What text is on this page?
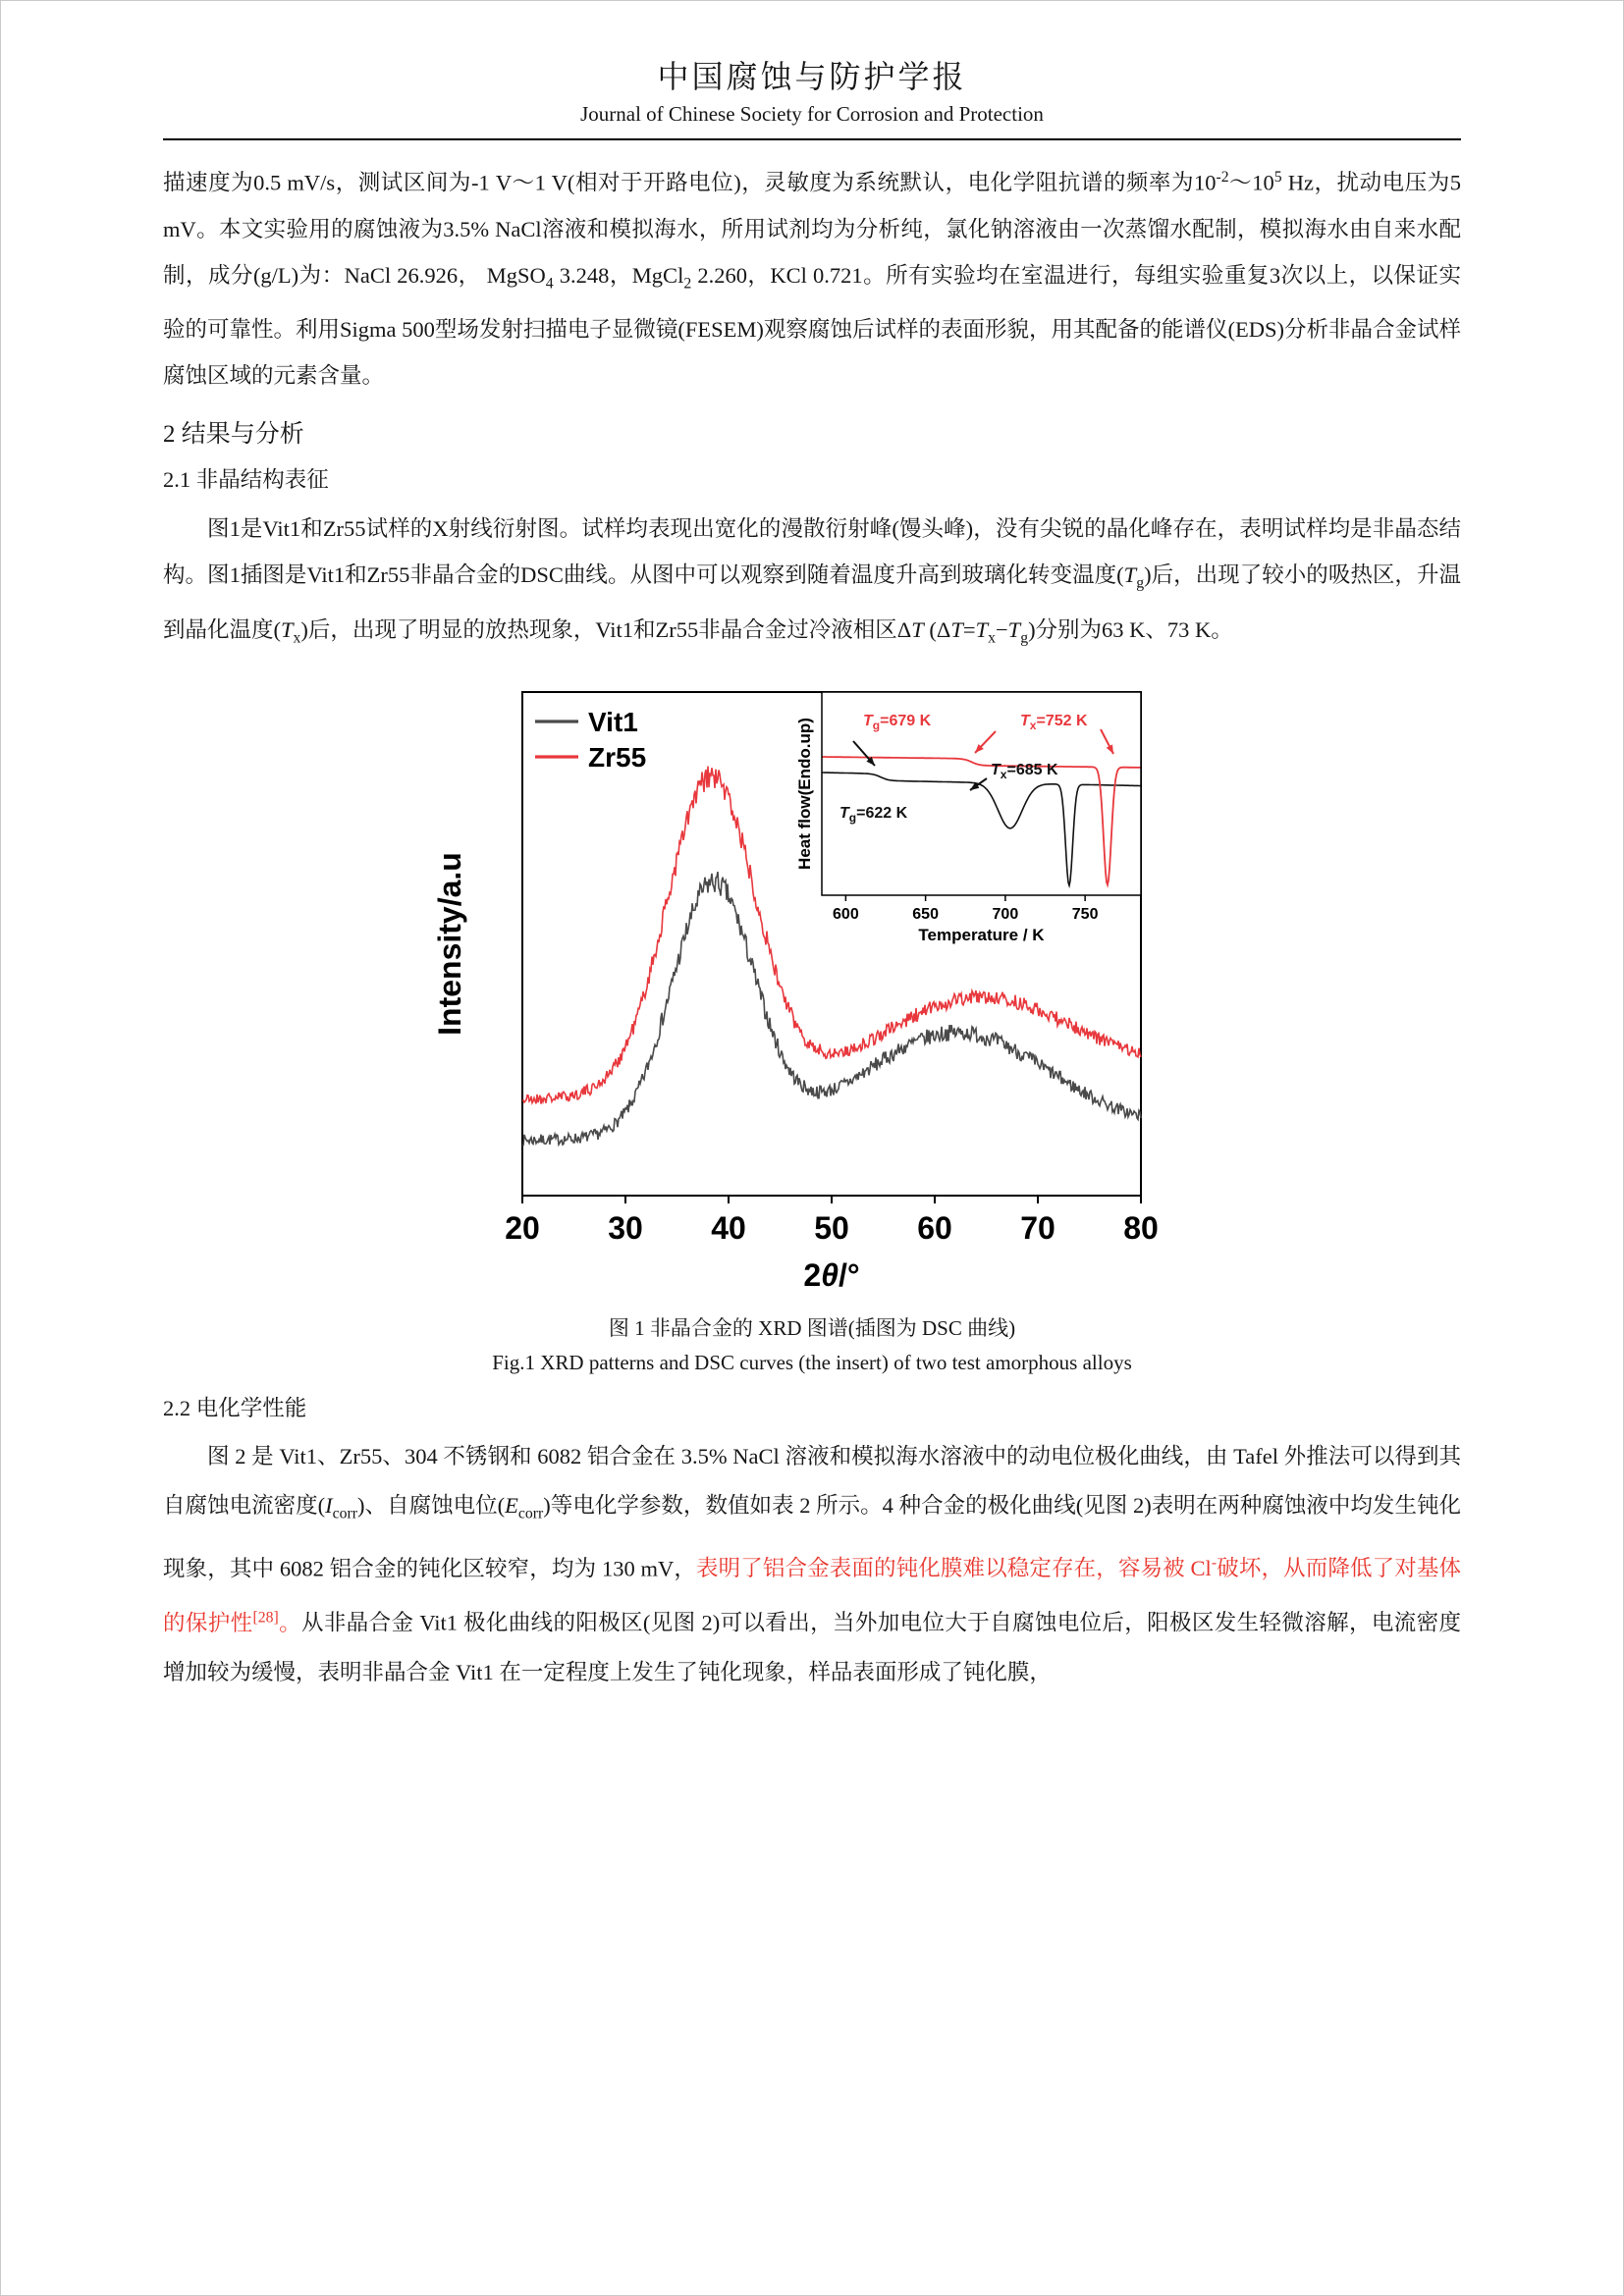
中国腐蚀与防护学报
Journal of Chinese Society for Corrosion and Protection

描速度为0.5 mV/s，测试区间为-1 V～1 V(相对于开路电位)，灵敏度为系统默认，电化学阻抗谱的频率为$10^{-2}\sim 10^5$ Hz，扰动电压为5 mV。本文实验用的腐蚀液为3.5% NaCl溶液和模拟海水，所用试剂均为分析纯，氯化钠溶液由一次蒸馏水配制，模拟海水由自来水配制，成分(g/L)为：NaCl 26.926， MgSO$_4$ 3.248，MgCl$_2$ 2.260，KCl 0.721。所有实验均在室温进行，每组实验重复3次以上，以保证实验的可靠性。利用Sigma 500型场发射扫描电子显微镜(FESEM)观察腐蚀后试样的表面形貌，用其配备的能谱仪(EDS)分析非晶合金试样腐蚀区域的元素含量。

2 结果与分析
2.1 非晶结构表征

图1是Vit1和Zr55试样的X射线衍射图。试样均表现出宽化的漫散衍射峰(馒头峰)，没有尖锐的晶化峰存在，表明试样均是非晶态结构。图1插图是Vit1和Zr55非晶合金的DSC曲线。从图中可以观察到随着温度升高到玻璃化转变温度$(T_g)$后，出现了较小的吸热区，升温到晶化温度$(T_x)$后，出现了明显的放热现象，Vit1和Zr55非晶合金过冷液相区ΔT $(\Delta T=T_x-T_g)$分别为63 K、73 K。

20 30 40 50 60 70 80
2θ/°
Intensity/a.u
Vit1
Zr55
600	650	700	750
Temperature / K
Heat flow(Endo.up)	$T_g=679$ K	$T_x=752$ K
$T_x=685$ K
$T_g=622$ K
图 1 非晶合金的 XRD 图谱(插图为 DSC 曲线)
Fig.1 XRD patterns and DSC curves (the insert) of two test amorphous alloys
2.2 电化学性能

图 2 是 Vit1、Zr55、304 不锈钢和 6082 铝合金在 3.5% NaCl 溶液和模拟海水溶液中的动电位极化曲线，由 Tafel 外推法可以得到其自腐蚀电流密度$(I_{corr})$、自腐蚀电位$(E_{corr})$等电化学参数，数值如表 2 所示。4 种合金的极化曲线(见图 2)表明在两种腐蚀液中均发生钝化现象，其中 6082 铝合金的钝化区较窄，均为 130 mV，表明了铝合金表面的钝化膜难以稳定存在，容易被 Cl-破坏，从而降低了对基体的保护性[28]。从非晶合金 Vit1 极化曲线的阳极区(见图 2)可以看出，当外加电位大于自腐蚀电位后，阳极区发生轻微溶解，电流密度增加较为缓慢，表明非晶合金 Vit1 在一定程度上发生了钝化现象，样品表面形成了钝化膜，
